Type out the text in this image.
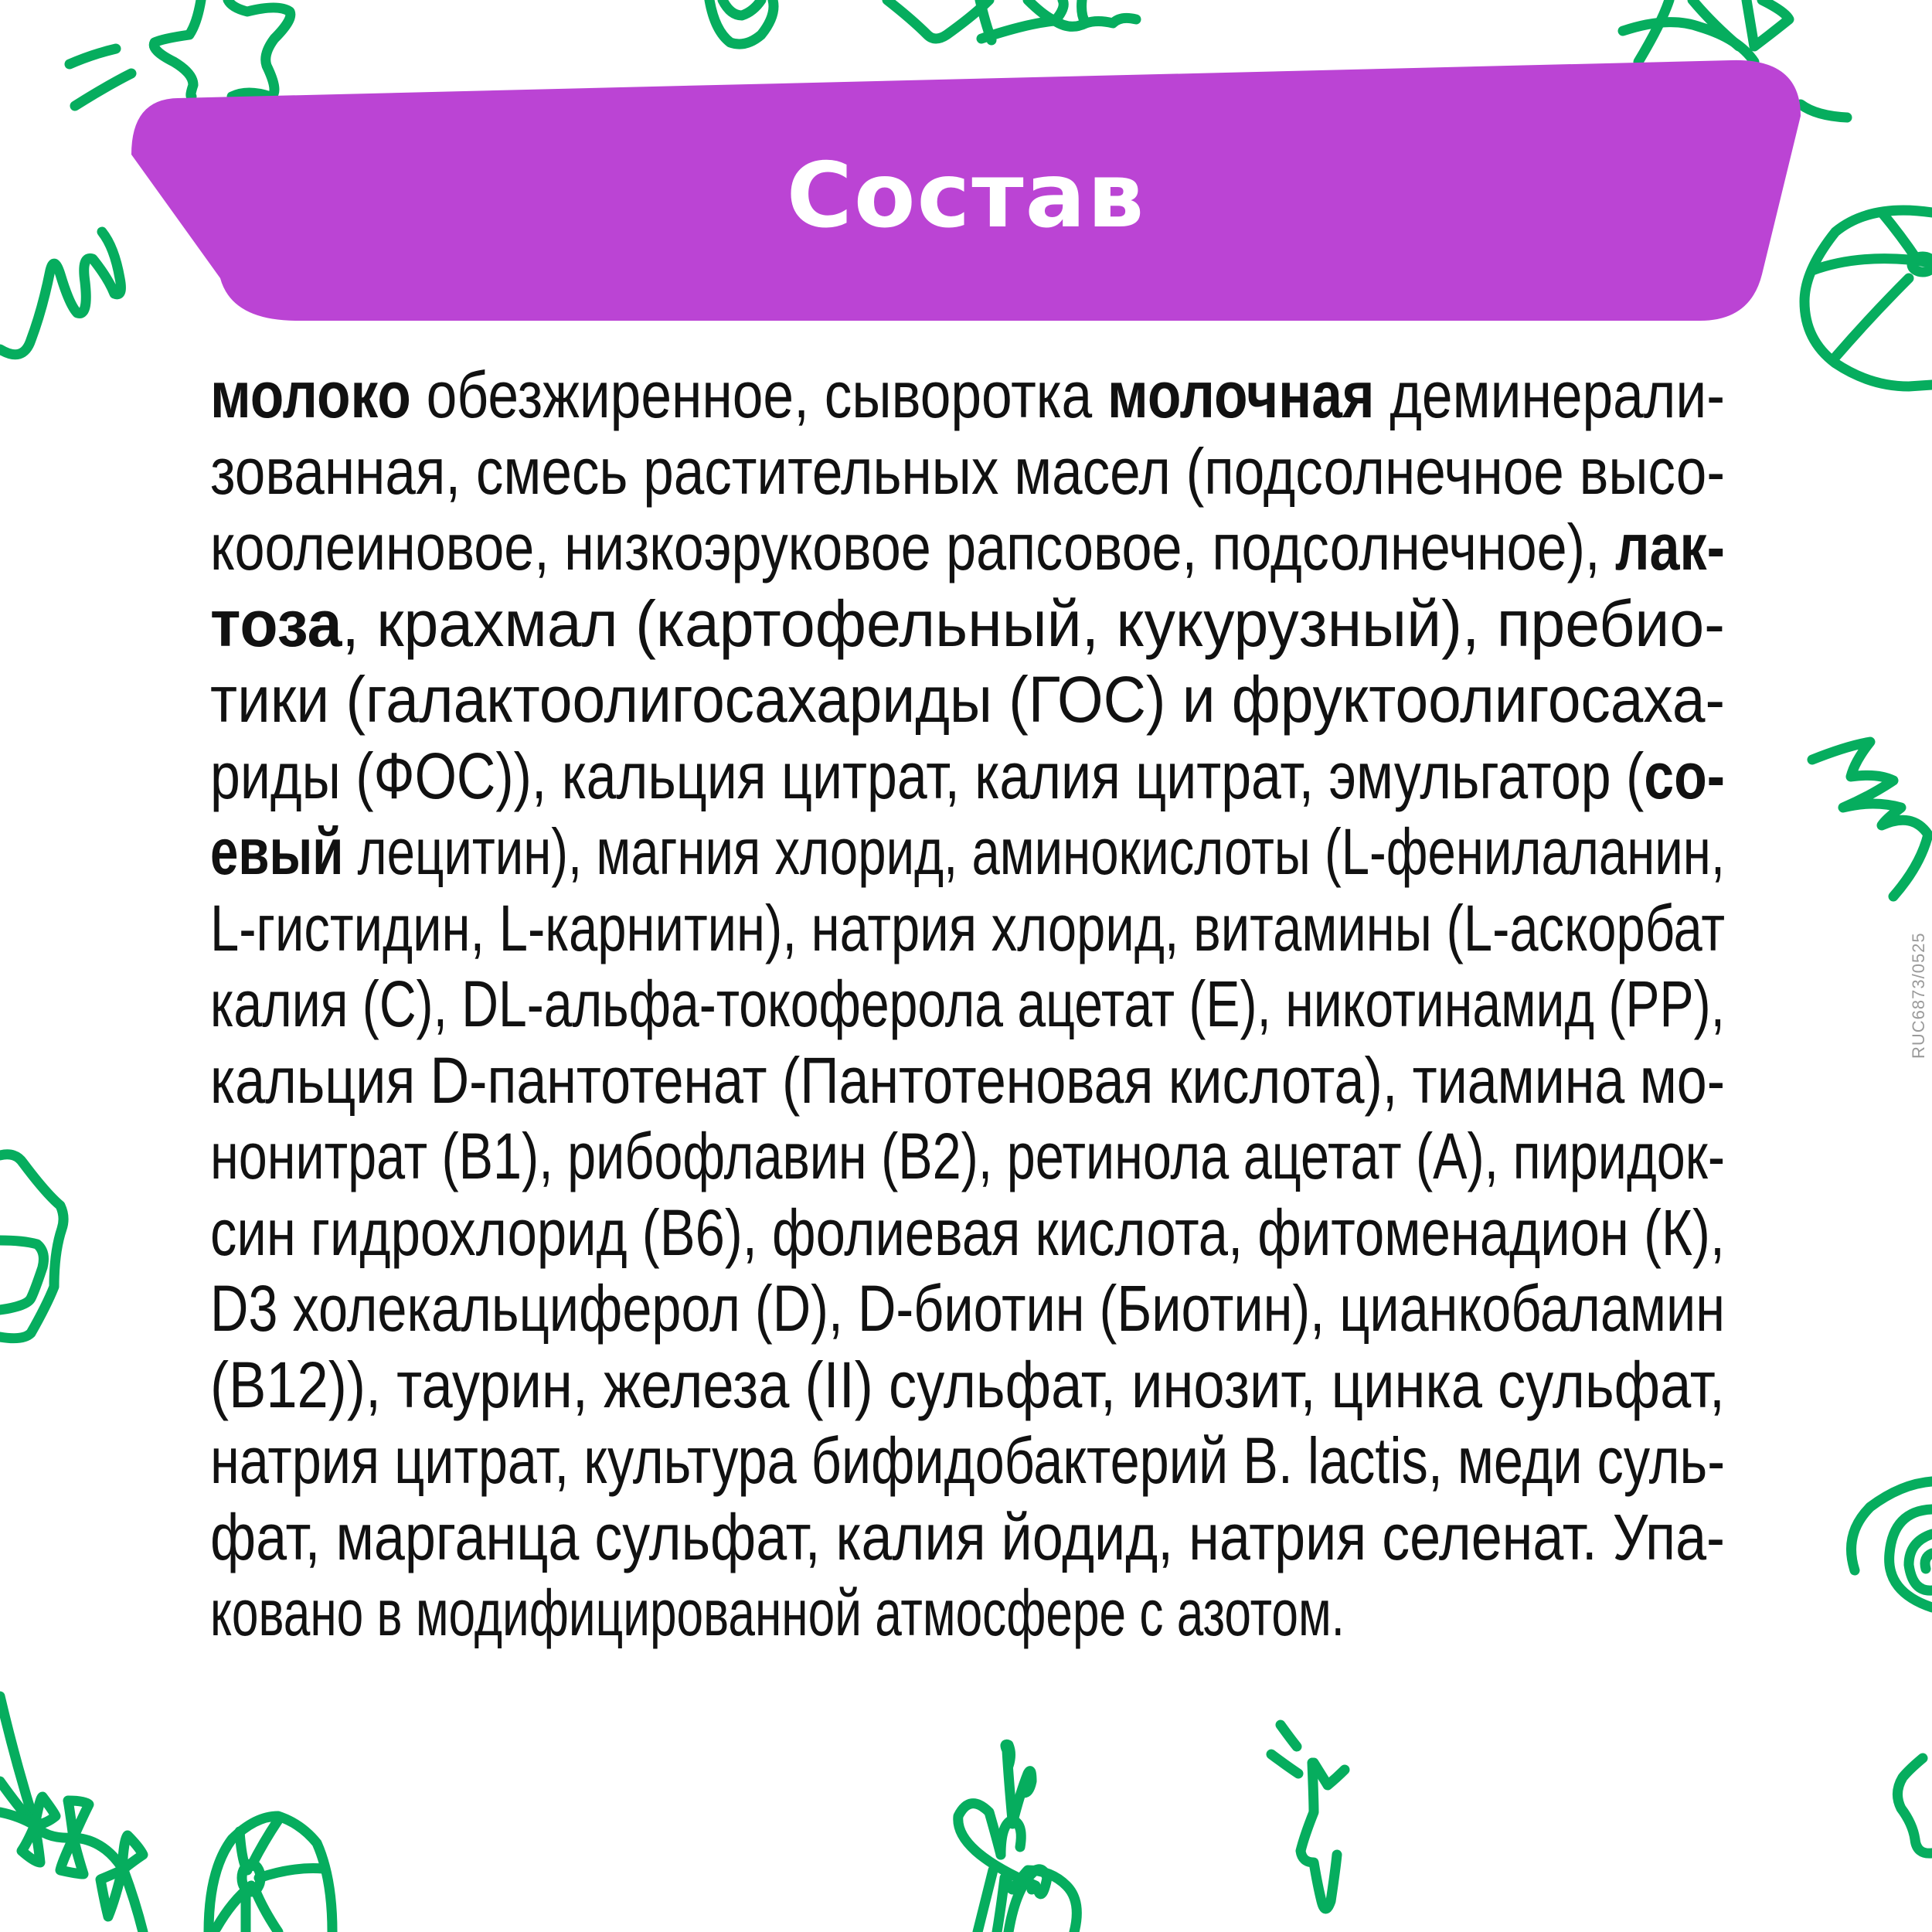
Состав
молоко обезжиренное, сыворотка молочная деминерали-
зованная, смесь растительных масел (подсолнечное высо-
коолеиновое, низкоэруковое рапсовое, подсолнечное), лак-
тоза, крахмал (картофельный, кукурузный), пребио-
тики (галактоолигосахариды (ГОС) и фруктоолигосаха-
риды (ФОС)), кальция цитрат, калия цитрат, эмульгатор (со-
евый лецитин), магния хлорид, аминокислоты (L-фенилаланин,
L-гистидин, L-карнитин), натрия хлорид, витамины (L-аскорбат
калия (С), DL-альфа-токоферола ацетат (Е), никотинамид (РР),
кальция D-пантотенат (Пантотеновая кислота), тиамина мо-
нонитрат (В1), рибофлавин (В2), ретинола ацетат (А), пиридок-
син гидрохлорид (В6), фолиевая кислота, фитоменадион (К),
D3 холекальциферол (D), D-биотин (Биотин), цианкобаламин
(В12)), таурин, железа (II) сульфат, инозит, цинка сульфат,
натрия цитрат, культура бифидобактерий B. lactis, меди суль-
фат, марганца сульфат, калия йодид, натрия селенат. Упа-
ковано в модифицированной атмосфере с азотом.
RUC6873/0525
